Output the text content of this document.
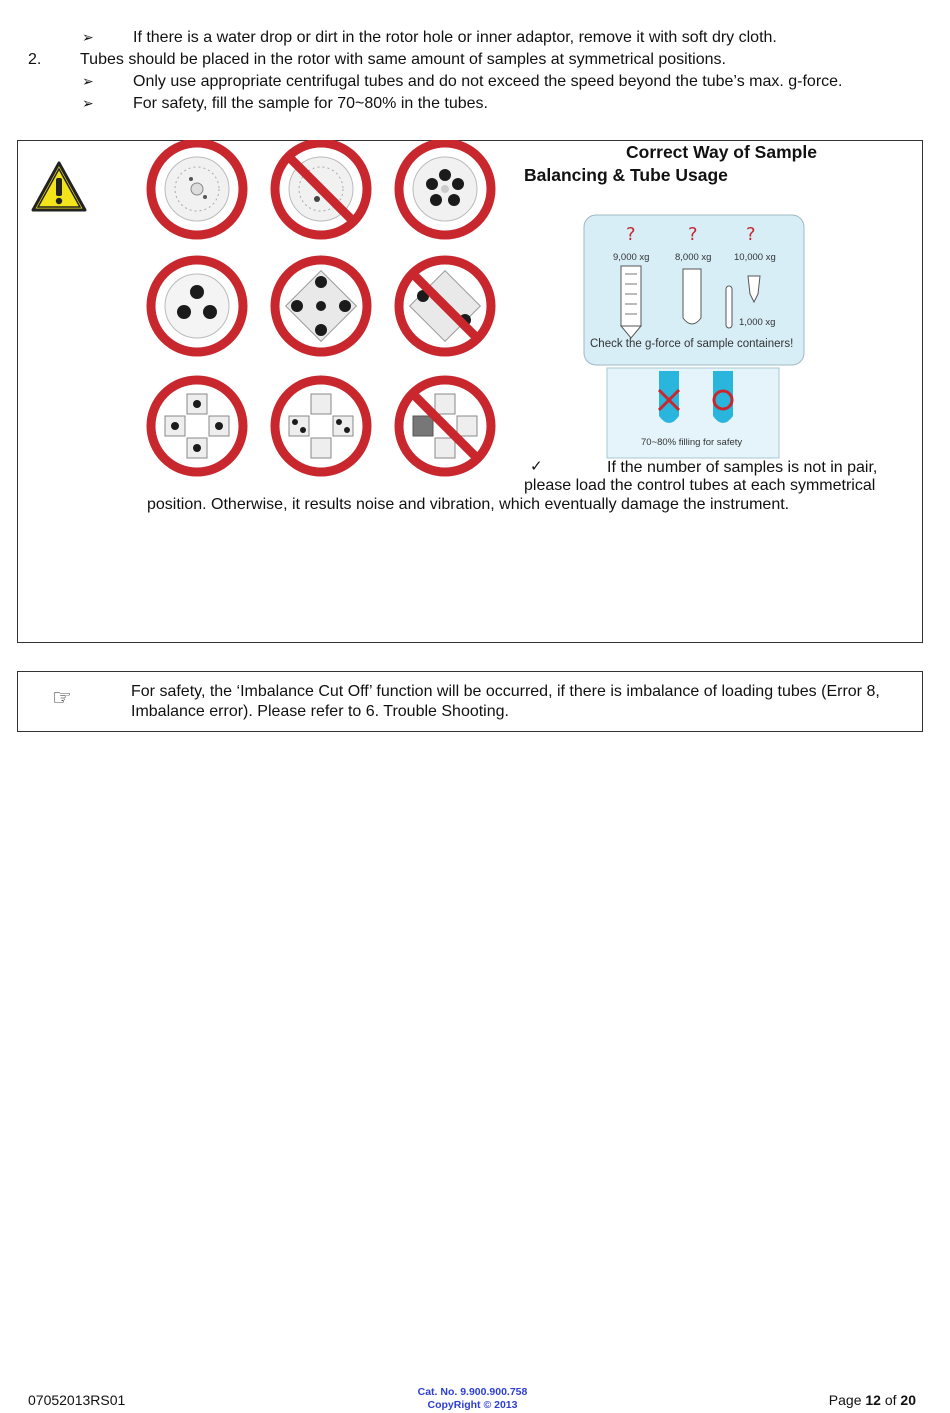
➢ If there is a water drop or dirt in the rotor hole or inner adaptor, remove it with soft dry cloth.
2. Tubes should be placed in the rotor with same amount of samples at symmetrical positions.
➢ Only use appropriate centrifugal tubes and do not exceed the speed beyond the tube’s max. g-force.
➢ For safety, fill the sample for 70~80% in the tubes.
Correct Way of Sample
Balancing & Tube Usage
?	?	?
9,000 xg	8,000 xg 10,000 xg
1,000 xg
Check the g-force of sample containers!
70~80% filling for safety
✓	If the number of samples is not in pair,
please load the control tubes at each symmetrical
position. Otherwise, it results noise and vibration, which eventually damage the instrument.
☞	For safety, the ‘Imbalance Cut Off’ function will be occurred, if there is imbalance of loading tubes (Error 8,
Imbalance error). Please refer to 6. Trouble Shooting.
07052013RS01	Cat. No. 9.900.900.758
CopyRight © 2013	Page 12 of 20
